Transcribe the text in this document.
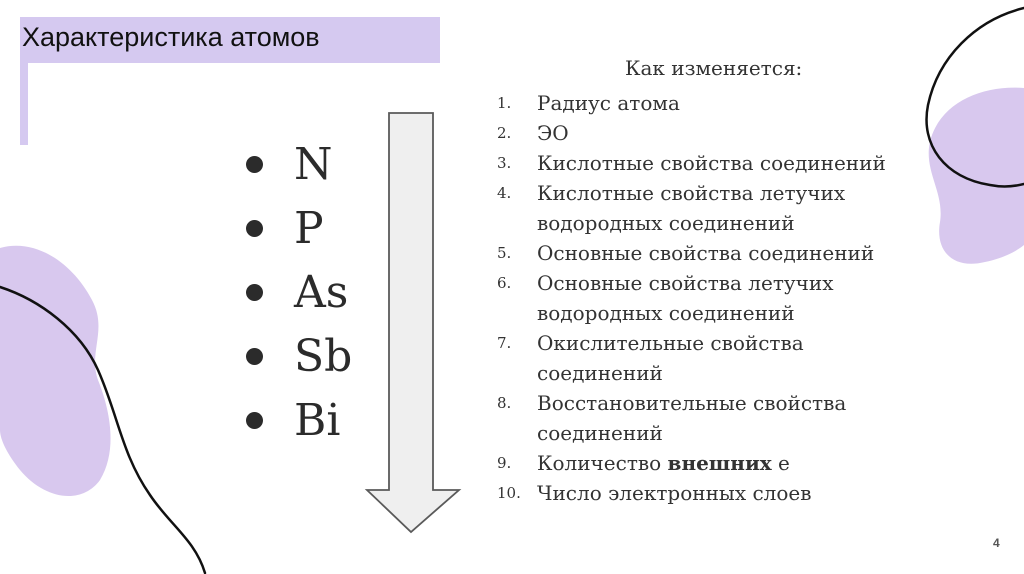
Характеристика атомов
N
P
As
Sb
Bi
Как изменяется:
1.	Радиус атома
2.	ЭО
3.	Кислотные свойства соединений
4.	Кислотные свойства летучих водородных соединений
5.	Основные свойства соединений
6.	Основные свойства летучих водородных соединений
7.	Окислительные свойства соединений
8.	Восстановительные свойства соединений
9.	Количество внешних e
10. Число электронных слоев
4
